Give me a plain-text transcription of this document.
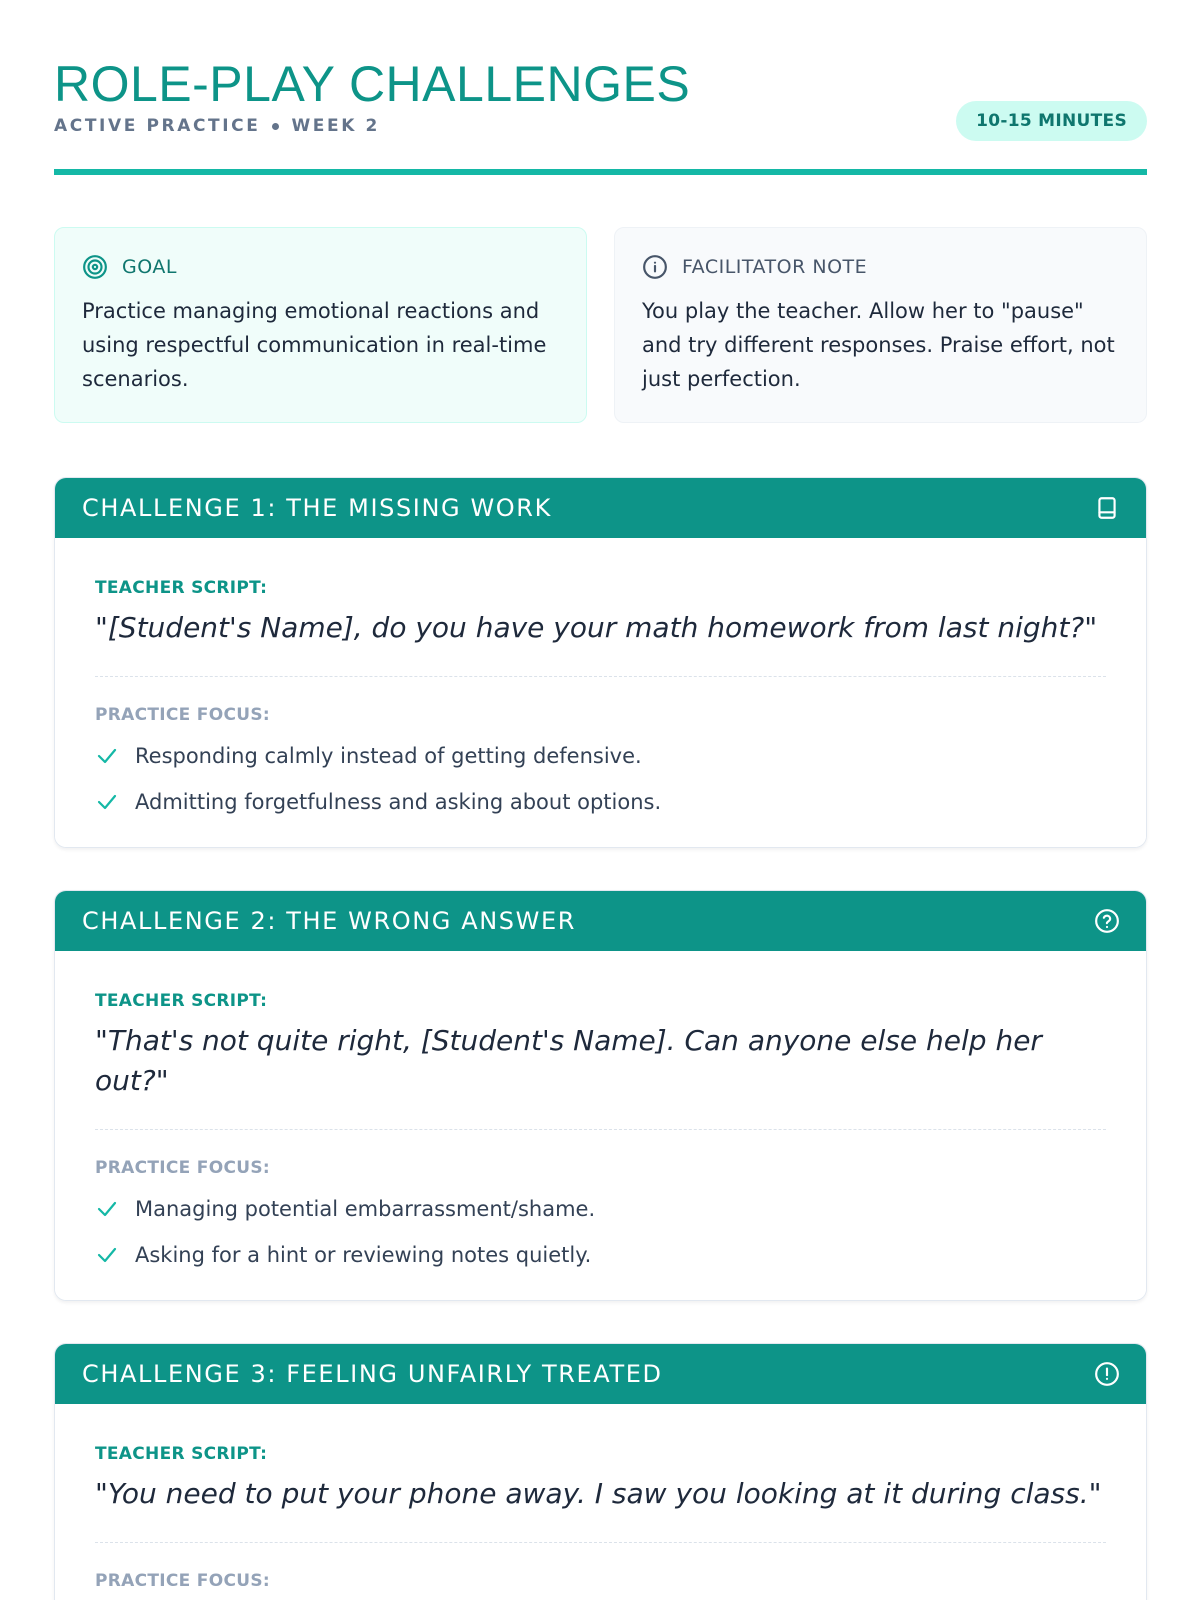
ROLE-PLAY CHALLENGES
ACTIVE PRACTICE WEEK 2	10-15 MINUTES
GOAL

Practice managing emotional reactions and using respectful communication in real-time scenarios.

FACILITATOR NOTE

You play the teacher. Allow her to "pause" and try different responses. Praise effort, not just perfection.

CHALLENGE 1: THE MISSING WORK
TEACHER SCRIPT:

"[Student's Name], do you have your math homework from last night?"

PRACTICE FOCUS:
Responding calmly instead of getting defensive.
Admitting forgetfulness and asking about options.
CHALLENGE 2: THE WRONG ANSWER
TEACHER SCRIPT:

"That's not quite right, [Student's Name]. Can anyone else help her out?"

PRACTICE FOCUS:
Managing potential embarrassment/shame.
Asking for a hint or reviewing notes quietly.
CHALLENGE 3: FEELING UNFAIRLY TREATED
TEACHER SCRIPT:

"You need to put your phone away. I saw you looking at it during class."

PRACTICE FOCUS:
